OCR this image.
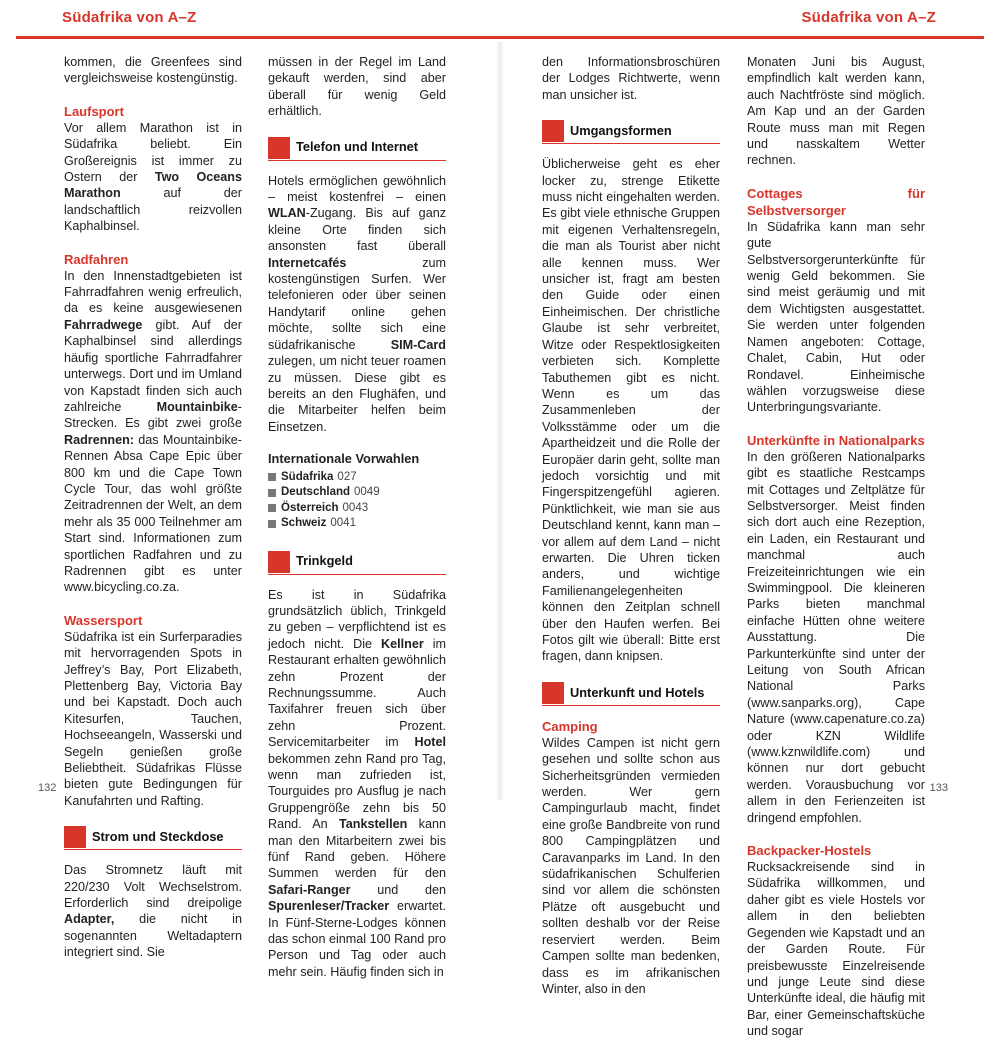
Südafrika von A–Z	Südafrika von A–Z

kommen, die Greenfees sind vergleichsweise kostengünstig.

Laufsport

Vor allem Marathon ist in Südafrika beliebt. Ein Großereignis ist immer zu Ostern der Two Oceans Marathon auf der landschaftlich reizvollen Kaphalbinsel.

Radfahren

In den Innenstadtgebieten ist Fahrradfahren wenig erfreulich, da es keine ausgewiesenen Fahrradwege gibt. Auf der Kaphalbinsel sind allerdings häufig sportliche Fahrradfahrer unterwegs. Dort und im Umland von Kapstadt finden sich auch zahlreiche Mountainbike-Strecken. Es gibt zwei große Radrennen: das Mountainbike-Rennen Absa Cape Epic über 800 km und die Cape Town Cycle Tour, das wohl größte Zeitradrennen der Welt, an dem mehr als 35 000 Teilnehmer am Start sind. Informationen zum sportlichen Radfahren und zu Radrennen gibt es unter www.bicycling.co.za.

Wassersport

Südafrika ist ein Surferparadies mit hervorragenden Spots in Jeffrey’s Bay, Port Elizabeth, Plettenberg Bay, Victoria Bay und bei Kapstadt. Doch auch Kitesurfen, Tauchen, Hochseeangeln, Wasserski und Segeln genießen große Beliebtheit. Südafrikas Flüsse bieten gute Bedingungen für Kanufahrten und Rafting.

Strom und Steckdose

Das Stromnetz läuft mit 220/230 Volt Wechselstrom. Erforderlich sind dreipolige Adapter, die nicht in sogenannten Weltadaptern integriert sind. Sie

müssen in der Regel im Land gekauft werden, sind aber überall für wenig Geld erhältlich.

Telefon und Internet

Hotels ermöglichen gewöhnlich – meist kostenfrei – einen WLAN-Zugang. Bis auf ganz kleine Orte finden sich ansonsten fast überall Internetcafés zum kostengünstigen Surfen. Wer telefonieren oder über seinen Handytarif online gehen möchte, sollte sich eine südafrikanische SIM-Card zulegen, um nicht teuer roamen zu müssen. Diese gibt es bereits an den Flughäfen, und die Mitarbeiter helfen beim Einsetzen.

Internationale Vorwahlen
Südafrika 027
Deutschland 0049
Österreich 0043
Schweiz 0041
Trinkgeld

Es ist in Südafrika grundsätzlich üblich, Trinkgeld zu geben – verpflichtend ist es jedoch nicht. Die Kellner im Restaurant erhalten gewöhnlich zehn Prozent der Rechnungssumme. Auch Taxifahrer freuen sich über zehn Prozent. Servicemitarbeiter im Hotel bekommen zehn Rand pro Tag, wenn man zufrieden ist, Tourguides pro Ausflug je nach Gruppengröße zehn bis 50 Rand. An Tankstellen kann man den Mitarbeitern zwei bis fünf Rand geben. Höhere Summen werden für den Safari-Ranger und den Spurenleser/Tracker erwartet. In Fünf-Sterne-Lodges können das schon einmal 100 Rand pro Person und Tag oder auch mehr sein. Häufig finden sich in

den Informationsbroschüren der Lodges Richtwerte, wenn man unsicher ist.

Umgangsformen

Üblicherweise geht es eher locker zu, strenge Etikette muss nicht eingehalten werden. Es gibt viele ethnische Gruppen mit eigenen Verhaltensregeln, die man als Tourist aber nicht alle kennen muss. Wer unsicher ist, fragt am besten den Guide oder einen Einheimischen. Der christliche Glaube ist sehr verbreitet, Witze oder Respektlosigkeiten verbieten sich. Komplette Tabuthemen gibt es nicht. Wenn es um das Zusammenleben der Volksstämme oder um die Apartheidzeit und die Rolle der Europäer darin geht, sollte man jedoch vorsichtig und mit Fingerspitzengefühl agieren. Pünktlichkeit, wie man sie aus Deutschland kennt, kann man – vor allem auf dem Land – nicht erwarten. Die Uhren ticken anders, und wichtige Familienangelegenheiten können den Zeitplan schnell über den Haufen werfen. Bei Fotos gilt wie überall: Bitte erst fragen, dann knipsen.

Unterkunft und Hotels
Camping

Wildes Campen ist nicht gern gesehen und sollte schon aus Sicherheitsgründen vermieden werden. Wer gern Campingurlaub macht, findet eine große Bandbreite von rund 800 Campingplätzen und Caravanparks im Land. In den südafrikanischen Schulferien sind vor allem die schönsten Plätze oft ausgebucht und sollten deshalb vor der Reise reserviert werden. Beim Campen sollte man bedenken, dass es im afrikanischen Winter, also in den

Monaten Juni bis August, empfindlich kalt werden kann, auch Nachtfröste sind möglich. Am Kap und an der Garden Route muss man mit Regen und nasskaltem Wetter rechnen.

Cottages für Selbstversorger

In Südafrika kann man sehr gute Selbstversorgerunterkünfte für wenig Geld bekommen. Sie sind meist geräumig und mit dem Wichtigsten ausgestattet. Sie werden unter folgenden Namen angeboten: Cottage, Chalet, Cabin, Hut oder Rondavel. Einheimische wählen vorzugsweise diese Unterbringungsvariante.

Unterkünfte in Nationalparks

In den größeren Nationalparks gibt es staatliche Restcamps mit Cottages und Zeltplätze für Selbstversorger. Meist finden sich dort auch eine Rezeption, ein Laden, ein Restaurant und manchmal auch Freizeiteinrichtungen wie ein Swimmingpool. Die kleineren Parks bieten manchmal einfache Hütten ohne weitere Ausstattung. Die Parkunterkünfte sind unter der Leitung von South African National Parks (www.sanparks.org), Cape Nature (www.capenature.co.za) oder KZN Wildlife (www.kznwildlife.com) und können nur dort gebucht werden. Vorausbuchung vor allem in den Ferienzeiten ist dringend empfohlen.

Backpacker-Hostels

Rucksackreisende sind in Südafrika willkommen, und daher gibt es viele Hostels vor allem in den beliebten Gegenden wie Kapstadt und an der Garden Route. Für preisbewusste Einzelreisende und junge Leute sind diese Unterkünfte ideal, die häufig mit Bar, einer Gemeinschaftsküche und sogar

132	133
